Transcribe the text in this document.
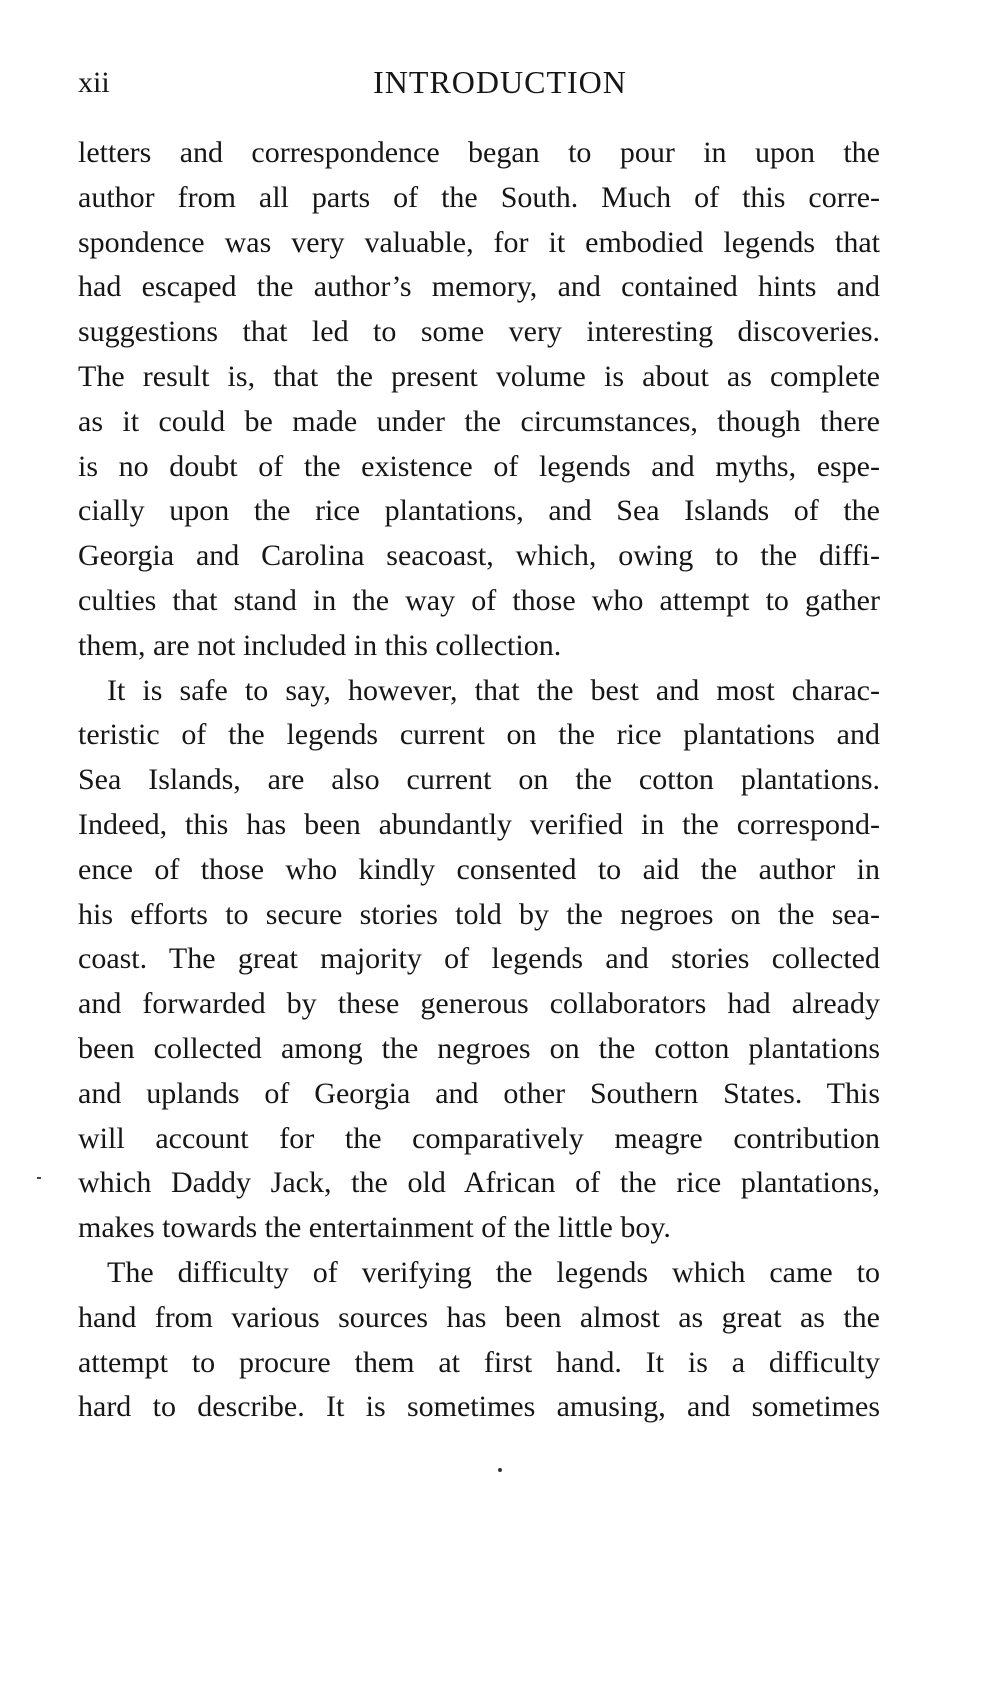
xii	INTRODUCTION
letters and correspondence began to pour in upon the
author from all parts of the South. Much of this corre-
spondence was very valuable, for it embodied legends that
had escaped the author’s memory, and contained hints and
suggestions that led to some very interesting discoveries.
The result is, that the present volume is about as complete
as it could be made under the circumstances, though there
is no doubt of the existence of legends and myths, espe-
cially upon the rice plantations, and Sea Islands of the
Georgia and Carolina seacoast, which, owing to the diffi-
culties that stand in the way of those who attempt to gather
them, are not included in this collection.
It is safe to say, however, that the best and most charac-
teristic of the legends current on the rice plantations and
Sea Islands, are also current on the cotton plantations.
Indeed, this has been abundantly verified in the correspond-
ence of those who kindly consented to aid the author in
his efforts to secure stories told by the negroes on the sea-
coast. The great majority of legends and stories collected
and forwarded by these generous collaborators had already
been collected among the negroes on the cotton plantations
and uplands of Georgia and other Southern States. This
will account for the comparatively meagre contribution
which Daddy Jack, the old African of the rice plantations,
makes towards the entertainment of the little boy.
The difficulty of verifying the legends which came to
hand from various sources has been almost as great as the
attempt to procure them at first hand. It is a difficulty
hard to describe. It is sometimes amusing, and sometimes
